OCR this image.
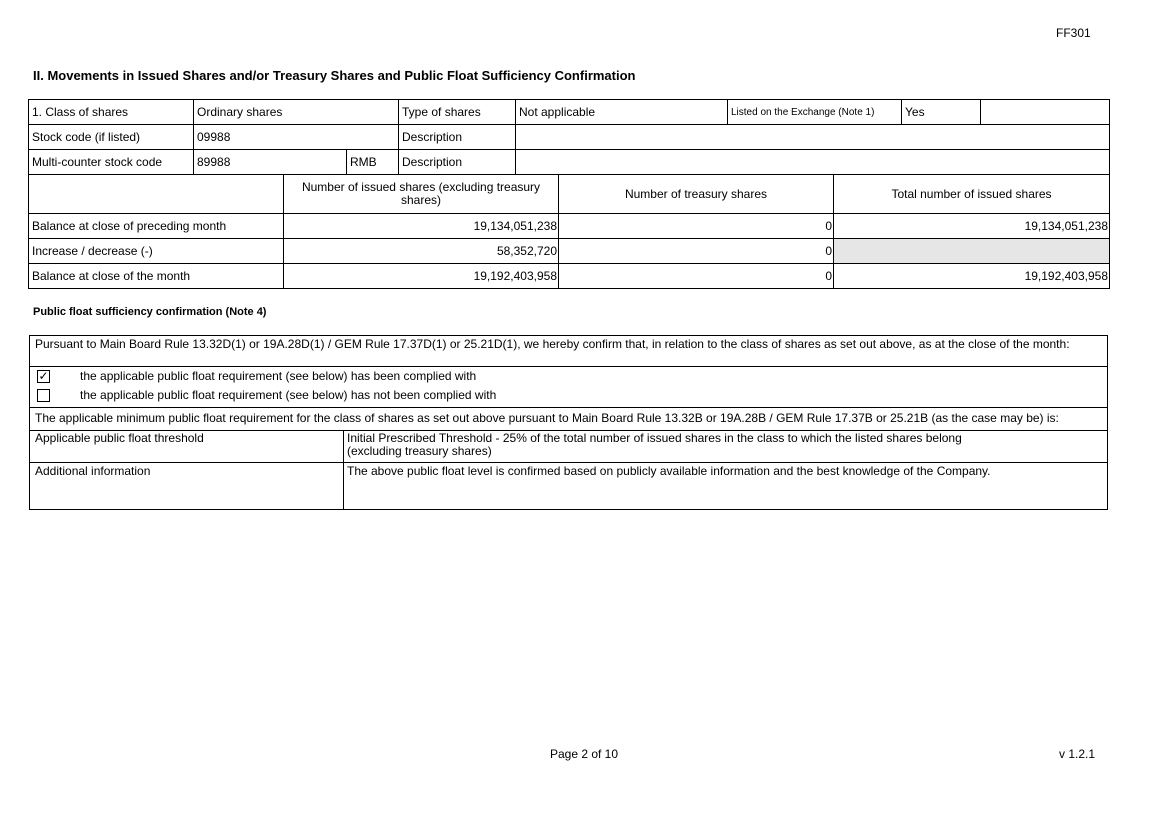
FF301
II. Movements in Issued Shares and/or Treasury Shares and Public Float Sufficiency Confirmation
1. Class of shares	Ordinary shares		Type of shares	Not applicable	Listed on the Exchange (Note 1)	Yes	
Stock code (if listed)	09988		Description				
Multi-counter stock code	89988	RMB	Description				
	Number of issued shares (excluding treasury shares)	Number of treasury shares	Total number of issued shares
Balance at close of preceding month	19,134,051,238	0	19,134,051,238
Increase / decrease (-)	58,352,720	0	
Balance at close of the month	19,192,403,958	0	19,192,403,958
Public float sufficiency confirmation (Note 4)
Pursuant to Main Board Rule 13.32D(1) or 19A.28D(1) / GEM Rule 17.37D(1) or 25.21D(1), we hereby confirm that, in relation to the class of shares as set out above, as at the close of the month:
✓	the applicable public float requirement (see below) has been complied with
the applicable public float requirement (see below) has not been complied with
The applicable minimum public float requirement for the class of shares as set out above pursuant to Main Board Rule 13.32B or 19A.28B / GEM Rule 17.37B or 25.21B (as the case may be) is:
Applicable public float threshold	Initial Prescribed Threshold - 25% of the total number of issued shares in the class to which the listed shares belong (excluding treasury shares)
Additional information	The above public float level is confirmed based on publicly available information and the best knowledge of the Company.
Page 2 of 10	v 1.2.1
